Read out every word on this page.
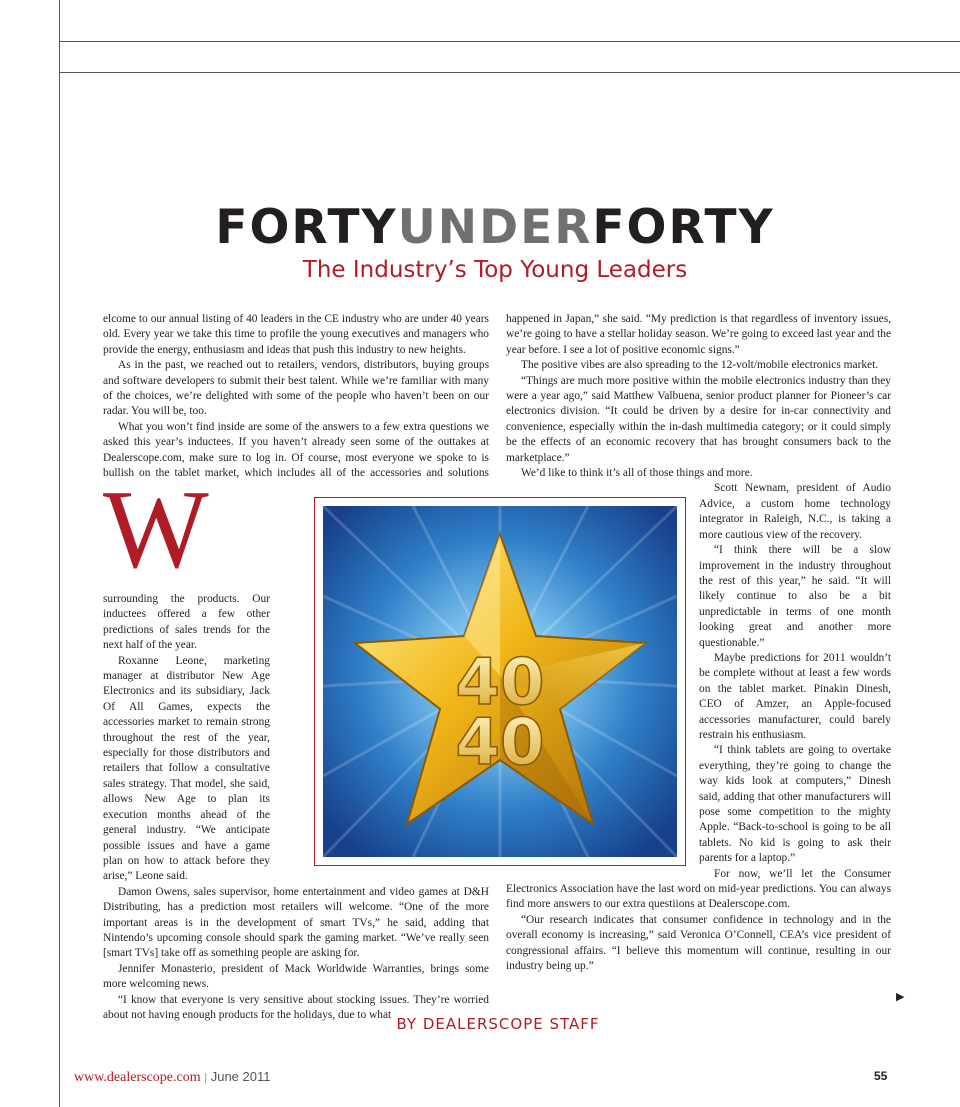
FORTYUNDERFORTY
The Industry’s Top Young Leaders
W

elcome to our annual listing of 40 leaders in the CE industry who are under 40 years old. Every year we take this time to profile the young executives and managers who provide the energy, enthusiasm and ideas that push this industry to new heights.

As in the past, we reached out to retailers, vendors, distributors, buying groups and software developers to submit their best talent. While we’re familiar with many of the choices, we’re delighted with some of the people who haven’t been on our radar. You will be, too.

What you won’t find inside are some of the answers to a few extra questions we asked this year’s inductees. If you haven’t already seen some of the outtakes at Dealerscope.com, make sure to log in. Of course, most everyone we spoke to is bullish on the tablet market, which includes all of the accessories and solutions surrounding the products. Our inductees offered a few other predictions of sales trends for the next half of the year.

Roxanne Leone, marketing manager at distributor New Age Electronics and its subsidiary, Jack Of All Games, expects the accessories market to remain strong throughout the rest of the year, especially for those distributors and retailers that follow a consultative sales strategy. That model, she said, allows New Age to plan its execution months ahead of the general industry. “We anticipate possible issues and have a game plan on how to attack before they arise,” Leone said.

Damon Owens, sales supervisor, home entertainment and video games at D&H Distributing, has a prediction most retailers will welcome. “One of the more important areas is in the development of smart TVs,” he said, adding that Nintendo’s upcoming console should spark the gaming market. “We’ve really seen [smart TVs] take off as something people are asking for.

Jennifer Monasterio, president of Mack Worldwide Warranties, brings some more welcoming news.

“I know that everyone is very sensitive about stocking issues. They’re worried about not having enough products for the holidays, due to what

happened in Japan,” she said. “My prediction is that regardless of inventory issues, we’re going to have a stellar holiday season. We’re going to exceed last year and the year before. I see a lot of positive economic signs.”

The positive vibes are also spreading to the 12-volt/mobile electronics market.

“Things are much more positive within the mobile electronics industry than they were a year ago,” said Matthew Valbuena, senior product planner for Pioneer’s car electronics division. “It could be driven by a desire for in-car connectivity and convenience, especially within the in-dash multimedia category; or it could simply be the effects of an economic recovery that has brought consumers back to the marketplace.”

We’d like to think it’s all of those things and more.

Scott Newnam, president of Audio Advice, a custom home technology integrator in Raleigh, N.C., is taking a more cautious view of the recovery.

“I think there will be a slow improvement in the industry throughout the rest of this year,” he said. “It will likely continue to also be a bit unpredictable in terms of one month looking great and another more questionable.”

Maybe predictions for 2011 wouldn’t be complete without at least a few words on the tablet market. Pinakin Dinesh, CEO of Amzer, an Apple-focused accessories manufacturer, could barely restrain his enthusiasm.

“I think tablets are going to overtake everything, they’re going to change the way kids look at computers,” Dinesh said, adding that other manufacturers will pose some competition to the mighty Apple. “Back-to-school is going to be all tablets. No kid is going to ask their parents for a laptop.”

For now, we’ll let the Consumer Electronics Association have the last word on mid-year predictions. You can always find more answers to our extra questiions at Dealerscope.com.

“Our research indicates that consumer confidence in technology and in the overall economy is increasing,” said Veronica O’Connell, CEA’s vice president of congressional affairs. “I believe this momentum will continue, resulting in our industry being up.”

40
40
▶
BY DEALERSCOPE STAFF
www.dealerscope.com | June 2011	55
